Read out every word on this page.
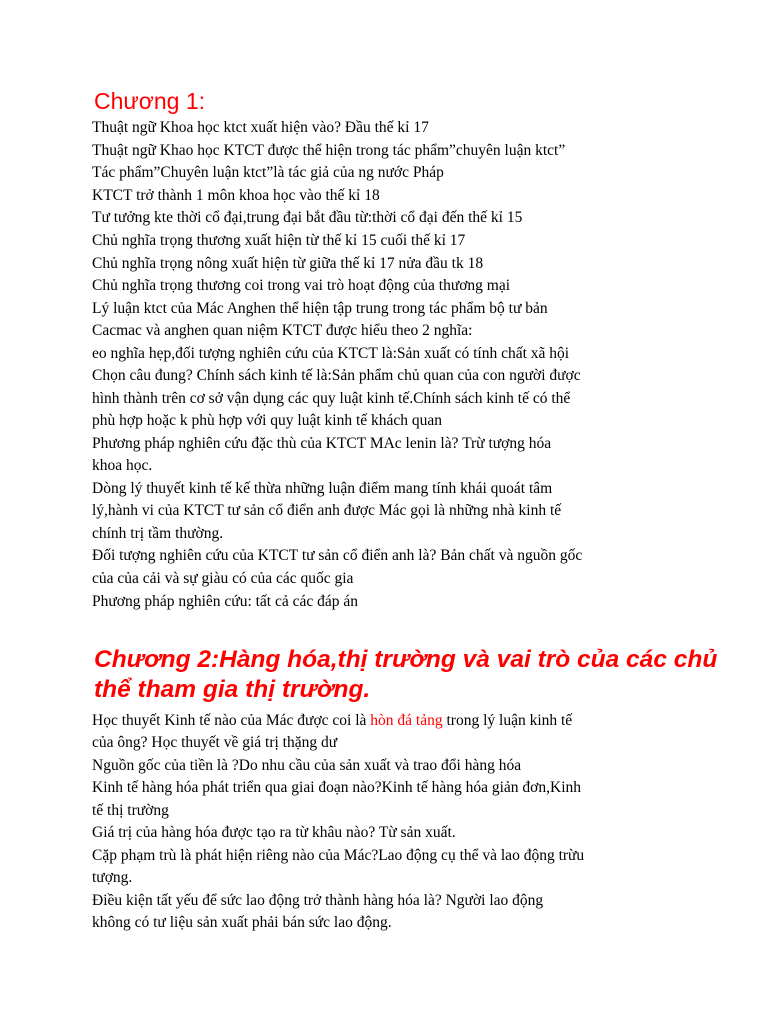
Chương 1:
Thuật ngữ Khoa học ktct xuất hiện vào? Đầu thế kỉ 17
Thuật ngữ Khao học KTCT được thể hiện trong tác phẩm”chuyên luận ktct”
Tác phẩm”Chuyên luận ktct”là tác giả của ng nước Pháp
KTCT trở thành 1 môn khoa học vào thế kỉ 18
Tư tưởng kte thời cổ đại,trung đại bắt đầu từ:thời cổ đại đến thế kỉ 15
Chủ nghĩa trọng thương xuất hiện từ thế kỉ 15 cuối thế kỉ 17
Chủ nghĩa trọng nông xuất hiện từ giữa thế kỉ 17 nửa đầu tk 18
Chủ nghĩa trọng thương coi trong vai trò hoạt động của thương mại
Lý luận ktct của Mác Anghen thể hiện tập trung trong tác phẩm bộ tư bản
Cacmac và anghen quan niệm KTCT được hiểu theo 2 nghĩa:
eo nghĩa hẹp,đối tượng nghiên cứu của KTCT là:Sản xuất có tính chất xã hội
Chọn câu đung? Chính sách kinh tế là:Sản phẩm chủ quan của con người được
hình thành trên cơ sở vận dụng các quy luật kinh tế.Chính sách kinh tế có thể
phù hợp hoặc k phù hợp với quy luật kinh tế khách quan
Phương pháp nghiên cứu đặc thù của KTCT MAc lenin là? Trừ tượng hóa
khoa học.
Dòng lý thuyết kinh tế kế thừa những luận điểm mang tính khái quoát tâm
lý,hành vi của KTCT tư sản cổ điển anh được Mác gọi là những nhà kinh tế
chính trị tầm thường.
Đối tượng nghiên cứu của KTCT tư sản cổ điển anh là? Bản chất và nguồn gốc
của của cải và sự giàu có của các quốc gia
Phương pháp nghiên cứu: tất cả các đáp án
Chương 2:Hàng hóa,thị trường và vai trò của các chủ thể tham gia thị trường.
Học thuyết Kinh tế nào của Mác được coi là hòn đá tảng trong lý luận kinh tế
của ông? Học thuyết về giá trị thặng dư
Nguồn gốc của tiền là ?Do nhu cầu của sản xuất và trao đổi hàng hóa
Kinh tế hàng hóa phát triển qua giai đoạn nào?Kinh tế hàng hóa giản đơn,Kinh
tế thị trường
Giá trị của hàng hóa được tạo ra từ khâu nào? Từ sản xuất.
Cặp phạm trù là phát hiện riêng nào của Mác?Lao động cụ thể và lao động trừu
tượng.
Điều kiện tất yếu để sức lao động trở thành hàng hóa là? Người lao động
không có tư liệu sản xuất phải bán sức lao động.
